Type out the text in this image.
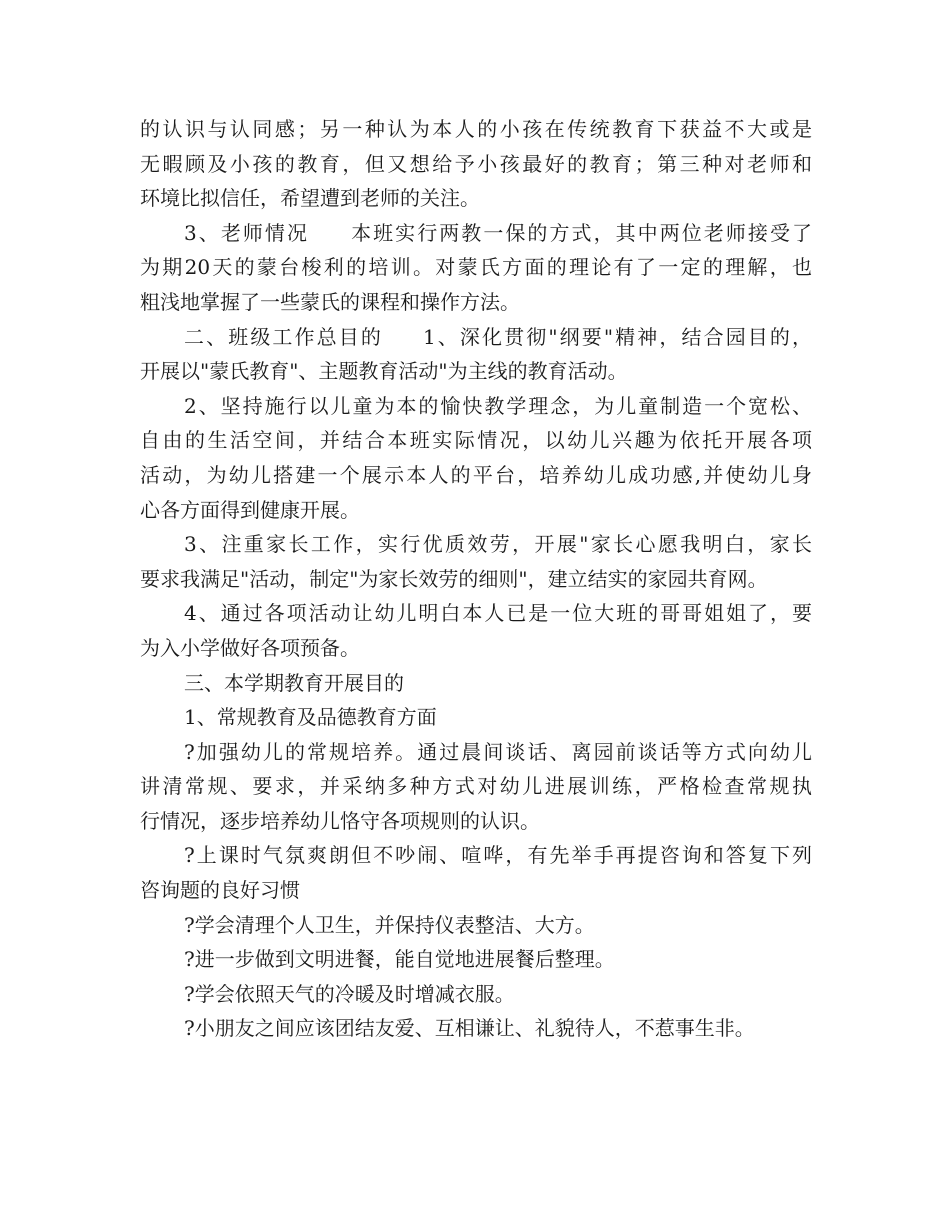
的认识与认同感；另一种认为本人的小孩在传统教育下获益不大或是
无暇顾及小孩的教育，但又想给予小孩最好的教育；第三种对老师和
环境比拟信任，希望遭到老师的关注。
3、老师情况 本班实行两教一保的方式，其中两位老师接受了
为期20天的蒙台梭利的培训。对蒙氏方面的理论有了一定的理解，也
粗浅地掌握了一些蒙氏的课程和操作方法。
二、班级工作总目的 1、深化贯彻"纲要"精神，结合园目的，
开展以"蒙氏教育"、主题教育活动"为主线的教育活动。
2、坚持施行以儿童为本的愉快教学理念，为儿童制造一个宽松、
自由的生活空间，并结合本班实际情况，以幼儿兴趣为依托开展各项
活动，为幼儿搭建一个展示本人的平台，培养幼儿成功感,并使幼儿身
心各方面得到健康开展。
3、注重家长工作，实行优质效劳，开展"家长心愿我明白，家长
要求我满足"活动，制定"为家长效劳的细则"，建立结实的家园共育网。
4、通过各项活动让幼儿明白本人已是一位大班的哥哥姐姐了，要
为入小学做好各项预备。
三、本学期教育开展目的
1、常规教育及品德教育方面
?加强幼儿的常规培养。通过晨间谈话、离园前谈话等方式向幼儿
讲清常规、要求，并采纳多种方式对幼儿进展训练，严格检查常规执
行情况，逐步培养幼儿恪守各项规则的认识。
?上课时气氛爽朗但不吵闹、喧哗，有先举手再提咨询和答复下列
咨询题的良好习惯
?学会清理个人卫生，并保持仪表整洁、大方。
?进一步做到文明进餐，能自觉地进展餐后整理。
?学会依照天气的冷暖及时增减衣服。
?小朋友之间应该团结友爱、互相谦让、礼貌待人，不惹事生非。
